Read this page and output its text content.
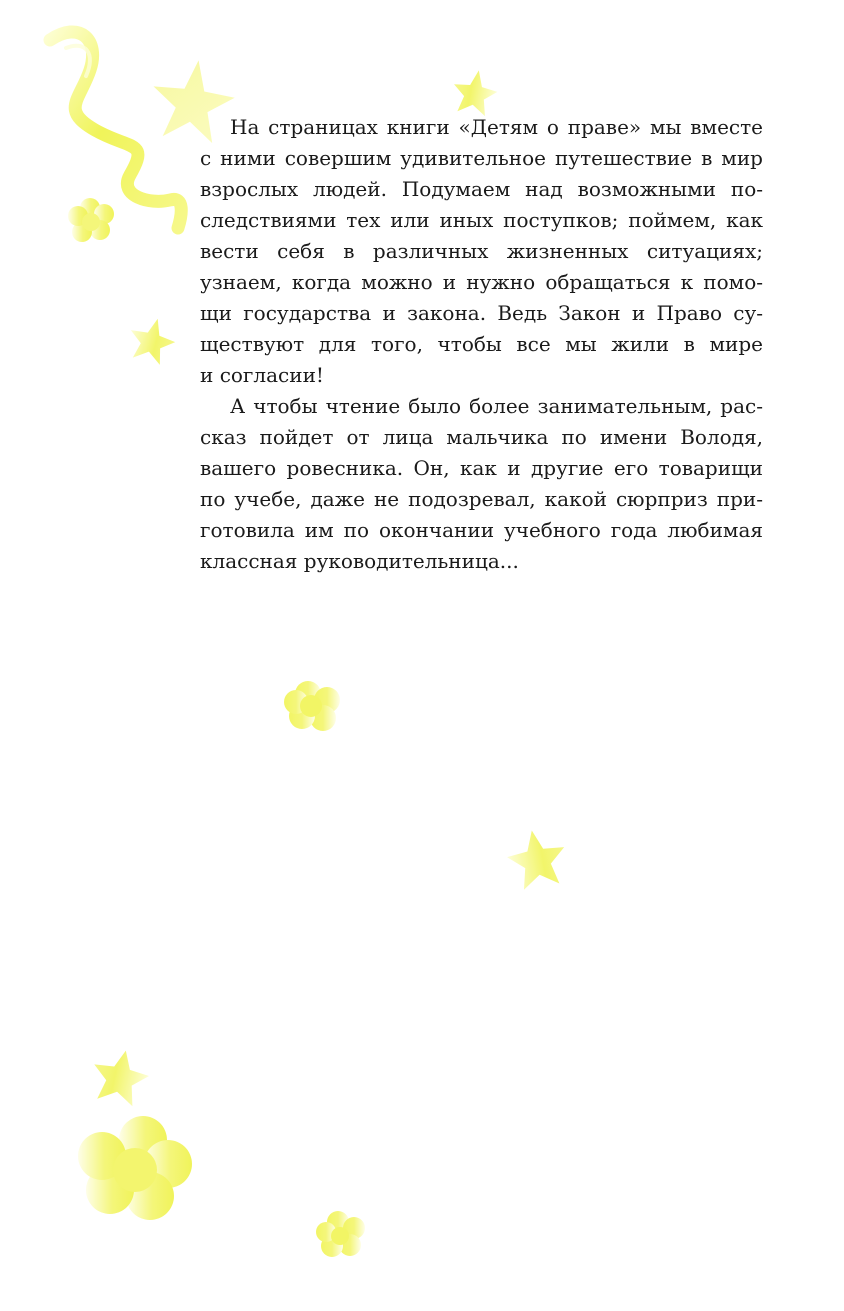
На страницах книги «Детям о праве» мы вместе
с ними совершим удивительное путешествие в мир
взрослых людей. Подумаем над возможными по-
следствиями тех или иных поступков; поймем, как
вести себя в различных жизненных ситуациях;
узнаем, когда можно и нужно обращаться к помо-
щи государства и закона. Ведь Закон и Право су-
ществуют для того, чтобы все мы жили в мире
и согласии!
А чтобы чтение было более занимательным, рас-
сказ пойдет от лица мальчика по имени Володя,
вашего ровесника. Он, как и другие его товарищи
по учебе, даже не подозревал, какой сюрприз при-
готовила им по окончании учебного года любимая
классная руководительница...
